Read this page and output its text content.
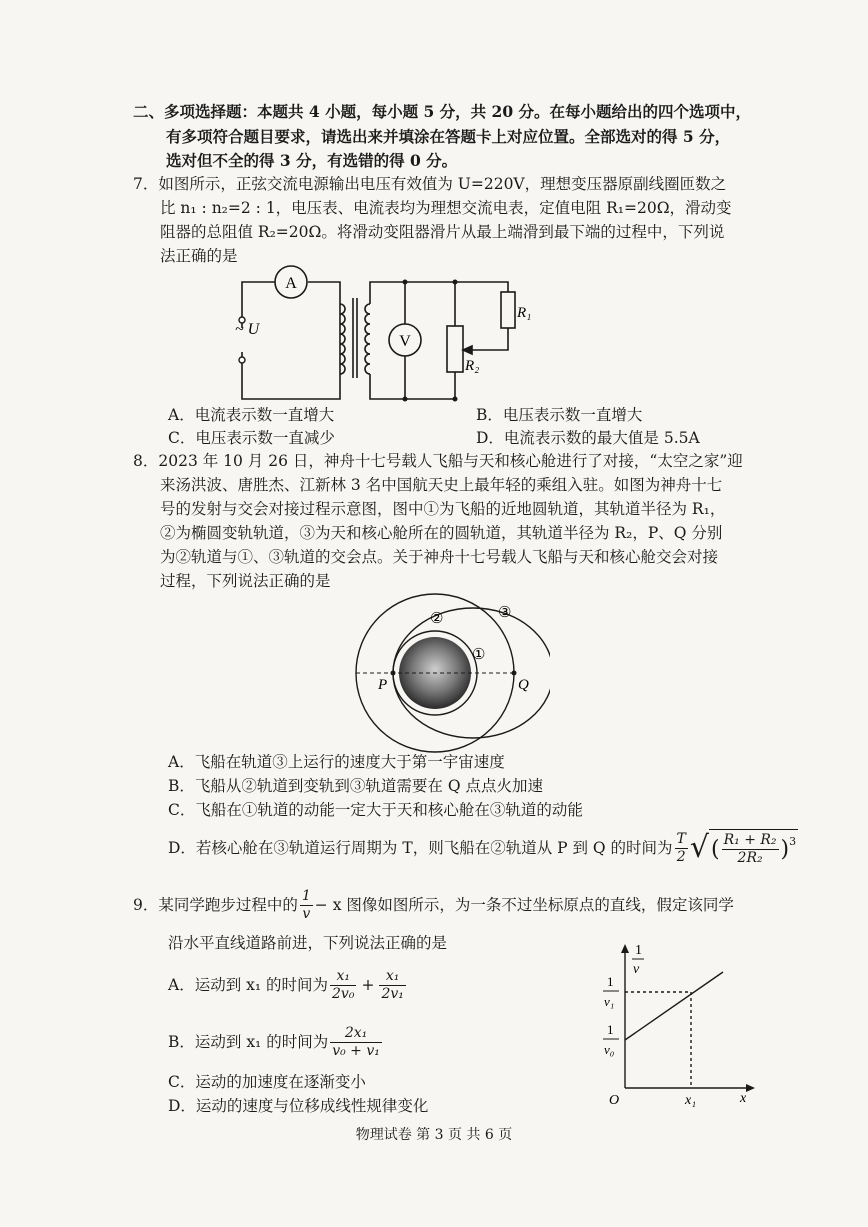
二、多项选择题：本题共 4 小题，每小题 5 分，共 20 分。在每小题给出的四个选项中，
有多项符合题目要求，请选出来并填涂在答题卡上对应位置。全部选对的得 5 分，
选对但不全的得 3 分，有选错的得 0 分。
7．如图所示，正弦交流电源输出电压有效值为 U=220V，理想变压器原副线圈匝数之
比 n₁ : n₂=2 : 1，电压表、电流表均为理想交流电表，定值电阻 R₁=20Ω，滑动变
阻器的总阻值 R₂=20Ω。将滑动变阻器滑片从最上端滑到最下端的过程中，下列说
法正确的是
A
V
~ U
R₁
R₂
A．电流表示数一直增大	B．电压表示数一直增大
C．电压表示数一直减少	D．电流表示数的最大值是 5.5A
8．2023 年 10 月 26 日，神舟十七号载人飞船与天和核心舱进行了对接，“太空之家”迎
来汤洪波、唐胜杰、江新林 3 名中国航天史上最年轻的乘组入驻。如图为神舟十七
号的发射与交会对接过程示意图，图中①为飞船的近地圆轨道，其轨道半径为 R₁，
②为椭圆变轨轨道，③为天和核心舱所在的圆轨道，其轨道半径为 R₂，P、Q 分别
为②轨道与①、③轨道的交会点。关于神舟十七号载人飞船与天和核心舱交会对接
过程，下列说法正确的是
②	③
①
P	Q
A．飞船在轨道③上运行的速度大于第一宇宙速度
B．飞船从②轨道到变轨到③轨道需要在 Q 点点火加速
C．飞船在①轨道的动能一定大于天和核心舱在③轨道的动能
D．若核心舱在③轨道运行周期为 T，则飞船在②轨道从 P 到 Q 的时间为 $\frac{T}{2}$ √ ( $\frac{\text{R₁ + R₂}}{\text{2R₂}} )^3$
9．某同学跑步过程中的 $\frac{1}{v} - x$ 图像如图所示，为一条不过坐标原点的直线，假定该同学
沿水平直线道路前进，下列说法正确的是
A．运动到 x₁ 的时间为 $\frac{\text{x₁}}{\text{2v₀}} + \frac{\text{x₁}}{\text{2v₁}}$
B．运动到 x₁ 的时间为 $\frac{\text{2x₁}}{\text{v₀ + v₁}}$
C．运动的加速度在逐渐变小
D．运动的速度与位移成线性规律变化
1
v
1
v₁
1
v₀
O	x₁	x
物理试卷 第 3 页 共 6 页
